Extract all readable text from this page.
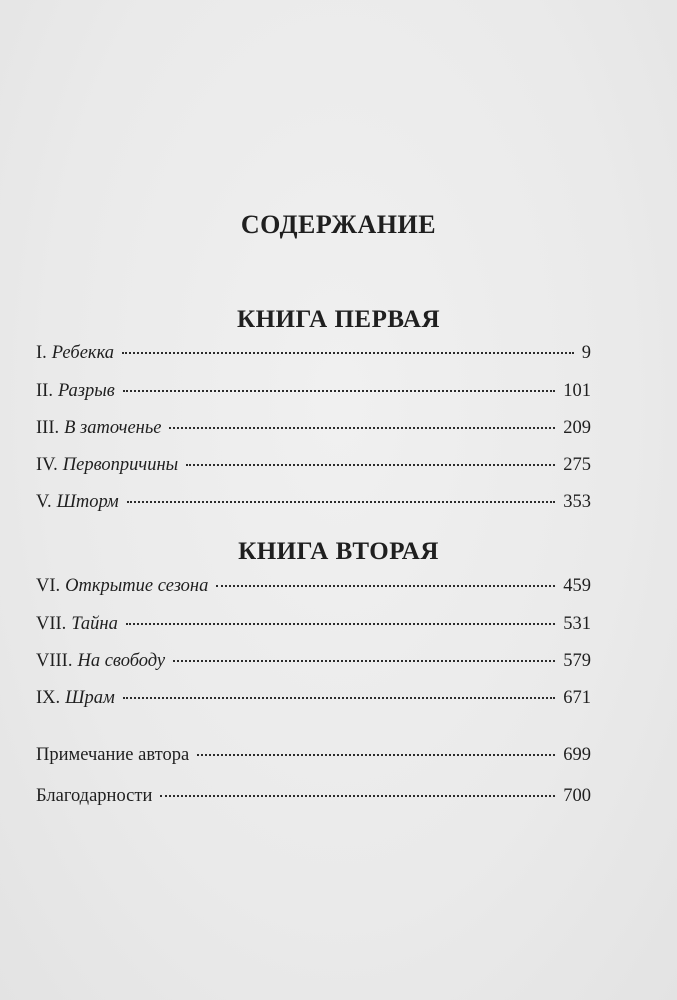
СОДЕРЖАНИЕ
КНИГА ПЕРВАЯ
I. Ребекка	9
II. Разрыв	101
III. В заточенье	209
IV. Первопричины	275
V. Шторм	353
КНИГА ВТОРАЯ
VI. Открытие сезона	459
VII. Тайна	531
VIII. На свободу	579
IX. Шрам	671
Примечание автора	699
Благодарности	700
